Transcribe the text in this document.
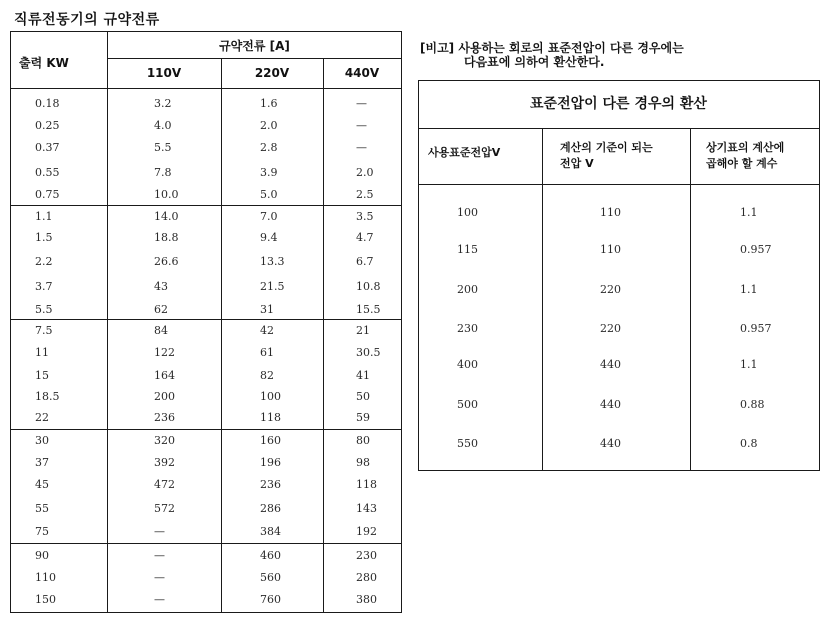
직류전동기의 규약전류
출력 KW
규약전류 [A]
110V	220V	440V
0.18	3.2	1.6	—
0.25	4.0	2.0	—
0.37	5.5	2.8	—
0.55	7.8	3.9	2.0
0.75	10.0	5.0	2.5
1.1	14.0	7.0	3.5
1.5	18.8	9.4	4.7
2.2	26.6	13.3	6.7
3.7	43	21.5	10.8
5.5	62	31	15.5
7.5	84	42	21
11	122	61	30.5
15	164	82	41
18.5	200	100	50
22	236	118	59
30	320	160	80
37	392	196	98
45	472	236	118
55	572	286	143
75	—	384	192
90	—	460	230
110	—	560	280
150	—	760	380
[비고] 사용하는 회로의 표준전압이 다른 경우에는
다음표에 의하여 환산한다.
표준전압이 다른 경우의 환산
사용표준전압V	계산의 기준이 되는
전압 V
상기표의 계산에
곱해야 할 계수
100	110	1.1
115	110	0.957
200	220	1.1
230	220	0.957
400	440	1.1
500	440	0.88
550	440	0.8
